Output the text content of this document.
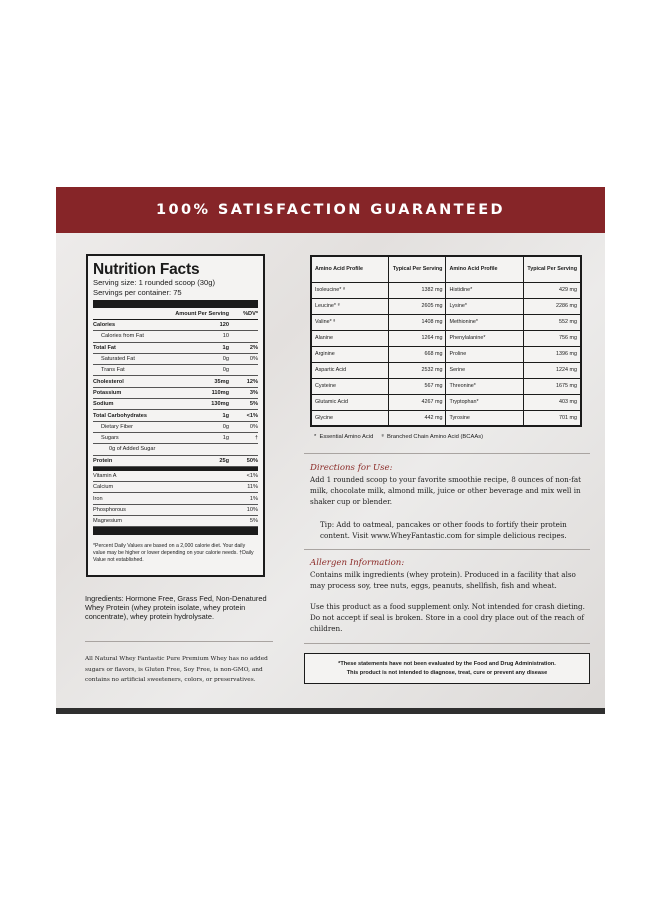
100% SATISFACTION GUARANTEED
Nutrition Facts
Serving size: 1 rounded scoop (30g)
Servings per container: 75
Amount Per Serving	%DV*
Calories	120
Calories from Fat	10
Total Fat	1g	2%
Saturated Fat	0g	0%
Trans Fat	0g
Cholesterol	35mg	12%
Potassium	110mg	3%
Sodium	130mg	5%
Total Carbohydrates	1g	<1%
Dietary Fiber	0g	0%
Sugars	1g	†
0g of Added Sugar
Protein	25g	50%
Vitamin A	<1%
Calcium	11%
Iron	1%
Phosphorous	10%
Magnesium	5%
*Percent Daily Values are based on a 2,000 calorie diet. Your daily value may be higher or lower depending on your calorie needs. †Daily Value not established.
Ingredients: Hormone Free, Grass Fed, Non-Denatured Whey Protein (whey protein isolate, whey protein concentrate), whey protein hydrolysate.
All Natural Whey Fantastic Pure Premium Whey has no added sugars or flavors, is Gluten Free, Soy Free, is non-GMO, and contains no artificial sweeteners, colors, or preservatives.
Amino Acid Profile	Typical Per Serving	Amino Acid Profile	Typical Per Serving
Isoleucine* ⁸	1382 mg	Histidine*	429 mg
Leucine* ⁸	2605 mg	Lysine*	2286 mg
Valine* ⁸	1408 mg	Methionine*	552 mg
Alanine	1264 mg	Phenylalanine*	756 mg
Arginine	668 mg	Proline	1396 mg
Aspartic Acid	2532 mg	Serine	1224 mg
Cysteine	567 mg	Threonine*	1675 mg
Glutamic Acid	4267 mg	Tryptophan*	403 mg
Glycine	442 mg	Tyrosine	701 mg
*  Essential Amino Acid     ⁸  Branched Chain Amino Acid (BCAAs)
Directions for Use:
Add 1 rounded scoop to your favorite smoothie recipe, 8 ounces of non-fat milk, chocolate milk, almond milk, juice or other beverage and mix well in shaker cup or blender.
Tip: Add to oatmeal, pancakes or other foods to fortify their protein content. Visit www.WheyFantastic.com for simple delicious recipes.
Allergen Information:
Contains milk ingredients (whey protein). Produced in a facility that also may process soy, tree nuts, eggs, peanuts, shellfish, fish and wheat.
Use this product as a food supplement only. Not intended for crash dieting. Do not accept if seal is broken. Store in a cool dry place out of the reach of children.
*These statements have not been evaluated by the Food and Drug Administration.
This product is not intended to diagnose, treat, cure or prevent any disease
